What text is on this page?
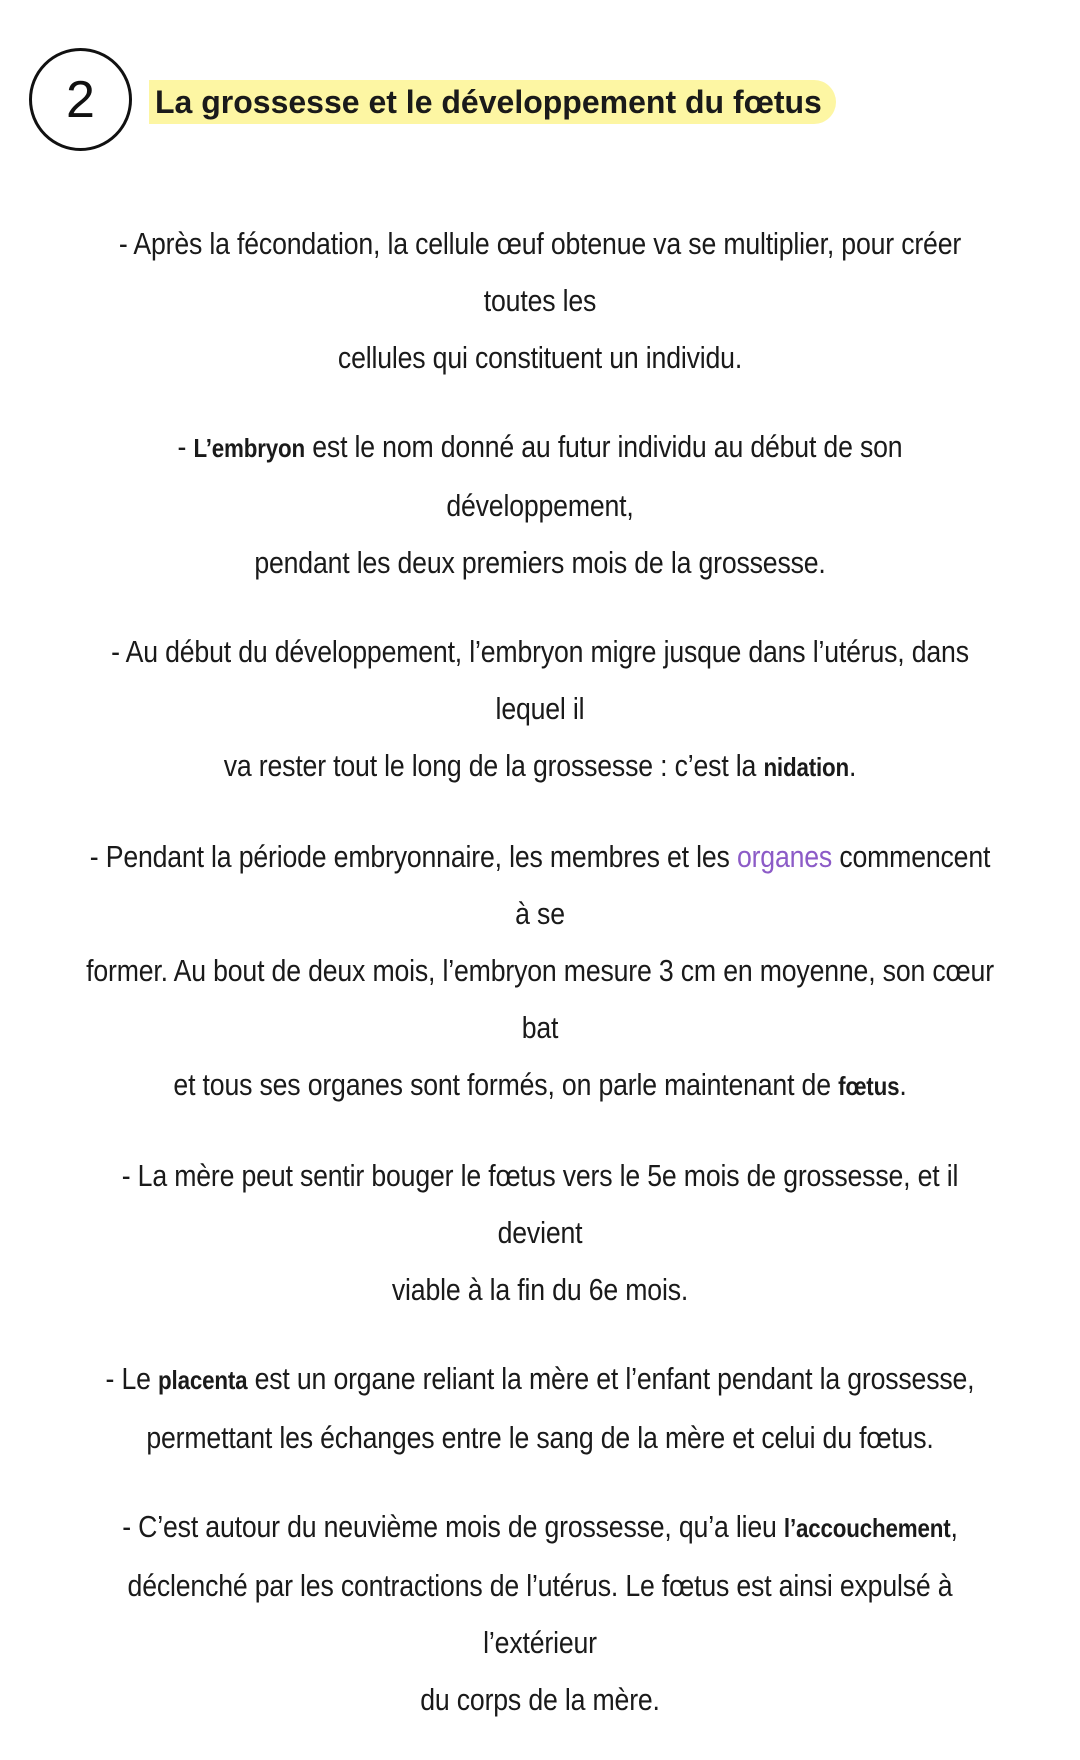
2	La grossesse et le développement du fœtus
- Après la fécondation, la cellule œuf obtenue va se multiplier, pour créer toutes les
cellules qui constituent un individu.
- L’embryon est le nom donné au futur individu au début de son développement,
pendant les deux premiers mois de la grossesse.
- Au début du développement, l’embryon migre jusque dans l’utérus, dans lequel il
va rester tout le long de la grossesse : c’est la nidation.
- Pendant la période embryonnaire, les membres et les organes commencent à se
former. Au bout de deux mois, l’embryon mesure 3 cm en moyenne, son cœur bat
et tous ses organes sont formés, on parle maintenant de fœtus.
- La mère peut sentir bouger le fœtus vers le 5e mois de grossesse, et il devient
viable à la fin du 6e mois.
- Le placenta est un organe reliant la mère et l’enfant pendant la grossesse,
permettant les échanges entre le sang de la mère et celui du fœtus.
- C’est autour du neuvième mois de grossesse, qu’a lieu l’accouchement,
déclenché par les contractions de l’utérus. Le fœtus est ainsi expulsé à l’extérieur
du corps de la mère.
